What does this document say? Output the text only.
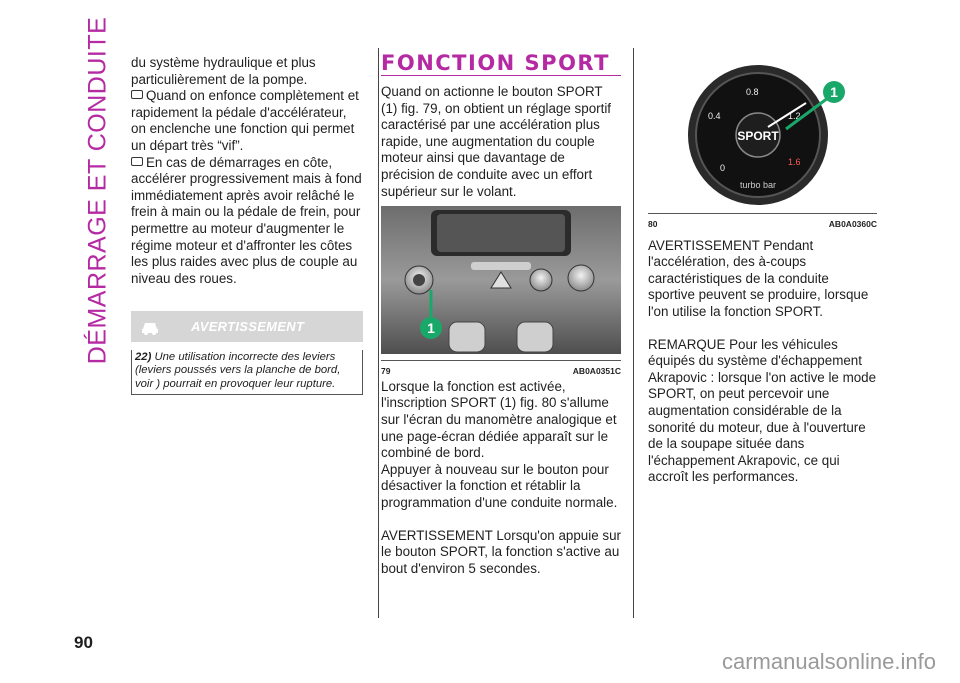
DÉMARRAGE ET CONDUITE du système hydraulique et plus particulièrement de la pompe.

Quand on enfonce complètement et rapidement la pédale d'accélérateur, on enclenche une fonction qui permet un départ très “vif”.

En cas de démarrages en côte, accélérer progressivement mais à fond immédiatement après avoir relâché le frein à main ou la pédale de frein, pour permettre au moteur d'augmenter le régime moteur et d'affronter les côtes les plus raides avec plus de couple au niveau des roues.

AVERTISSEMENT
22) Une utilisation incorrecte des leviers (leviers poussés vers la planche de bord, voir ) pourrait en provoquer leur rupture.
FONCTION SPORT

Quand on actionne le bouton SPORT (1) fig. 79, on obtient un réglage sportif caractérisé par une accélération plus rapide, une augmentation du couple moteur ainsi que davantage de précision de conduite avec un effort supérieur sur le volant.

1
79	AB0A0351C

Lorsque la fonction est activée, l'inscription SPORT (1) fig. 80 s'allume sur l'écran du manomètre analogique et une page-écran dédiée apparaît sur le combiné de bord.

Appuyer à nouveau sur le bouton pour désactiver la fonction et rétablir la programmation d'une conduite normale.

AVERTISSEMENT Lorsqu'on appuie sur le bouton SPORT, la fonction s'active au bout d'environ 5 secondes.

SPORT
turbo bar
0
0.4
0.8
1.2
1.6
1
80	AB0A0360C

AVERTISSEMENT Pendant l'accélération, des à-coups caractéristiques de la conduite sportive peuvent se produire, lorsque l'on utilise la fonction SPORT.

REMARQUE Pour les véhicules équipés du système d'échappement Akrapovic : lorsque l'on active le mode SPORT, on peut percevoir une augmentation considérable de la sonorité du moteur, due à l'ouverture de la soupape située dans l'échappement Akrapovic, ce qui accroît les performances.

90
carmanualsonline.info
